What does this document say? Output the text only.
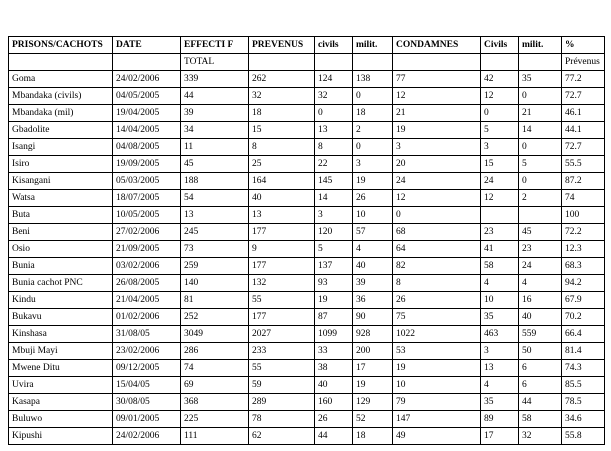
PRISONS/CACHOTS	DATE	EFFECTI F	PREVENUS	civils	milit.	CONDAMNES	Civils	milit.	%
		TOTAL							Prévenus
Goma	24/02/2006	339	262	124	138	77	42	35	77.2
Mbandaka (civils)	04/05/2005	44	32	32	0	12	12	0	72.7
Mbandaka (mil)	19/04/2005	39	18	0	18	21	0	21	46.1
Gbadolite	14/04/2005	34	15	13	2	19	5	14	44.1
Isangi	04/08/2005	11	8	8	0	3	3	0	72.7
Isiro	19/09/2005	45	25	22	3	20	15	5	55.5
Kisangani	05/03/2005	188	164	145	19	24	24	0	87.2
Watsa	18/07/2005	54	40	14	26	12	12	2	74
Buta	10/05/2005	13	13	3	10	0			100
Beni	27/02/2006	245	177	120	57	68	23	45	72.2
Osio	21/09/2005	73	9	5	4	64	41	23	12.3
Bunia	03/02/2006	259	177	137	40	82	58	24	68.3
Bunia cachot PNC	26/08/2005	140	132	93	39	8	4	4	94.2
Kindu	21/04/2005	81	55	19	36	26	10	16	67.9
Bukavu	01/02/2006	252	177	87	90	75	35	40	70.2
Kinshasa	31/08/05	3049	2027	1099	928	1022	463	559	66.4
Mbuji Mayi	23/02/2006	286	233	33	200	53	3	50	81.4
Mwene Ditu	09/12/2005	74	55	38	17	19	13	6	74.3
Uvira	15/04/05	69	59	40	19	10	4	6	85.5
Kasapa	30/08/05	368	289	160	129	79	35	44	78.5
Buluwo	09/01/2005	225	78	26	52	147	89	58	34.6
Kipushi	24/02/2006	111	62	44	18	49	17	32	55.8
